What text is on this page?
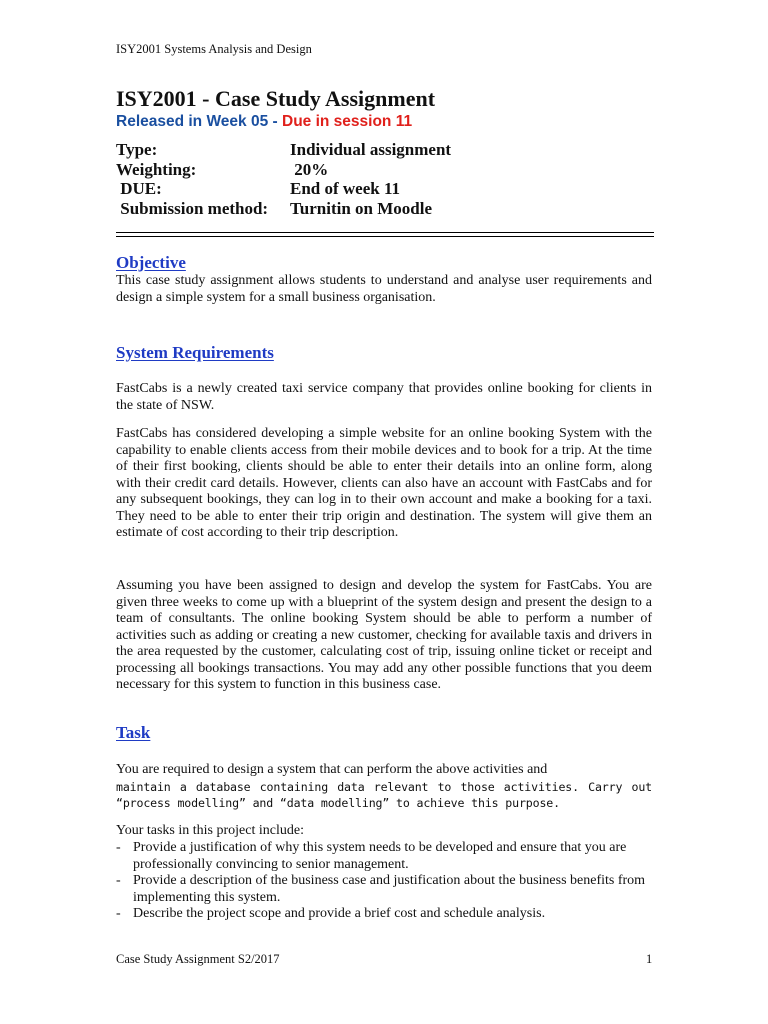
ISY2001 Systems Analysis and Design
ISY2001 - Case Study Assignment
Released in Week 05 - Due in session 11
Type:	Individual assignment
Weighting:	20%
DUE:	End of week 11
Submission method:	Turnitin on Moodle
Objective
This case study assignment allows students to understand and analyse user requirements and design a simple system for a small business organisation.
System Requirements
FastCabs is a newly created taxi service company that provides online booking for clients in the state of NSW.
FastCabs has considered developing a simple website for an online booking System with the capability to enable clients access from their mobile devices and to book for a trip. At the time of their first booking, clients should be able to enter their details into an online form, along with their credit card details. However, clients can also have an account with FastCabs and for any subsequent bookings, they can log in to their own account and make a booking for a taxi. They need to be able to enter their trip origin and destination. The system will give them an estimate of cost according to their trip description.
Assuming you have been assigned to design and develop the system for FastCabs. You are given three weeks to come up with a blueprint of the system design and present the design to a team of consultants. The online booking System should be able to perform a number of activities such as adding or creating a new customer, checking for available taxis and drivers in the area requested by the customer, calculating cost of trip, issuing online ticket or receipt and processing all bookings transactions. You may add any other possible functions that you deem necessary for this system to function in this business case.
Task
You are required to design a system that can perform the above activities and
maintain a database containing data relevant to those activities. Carry out “process modelling” and “data modelling” to achieve this purpose.
Your tasks in this project include:
- Provide a justification of why this system needs to be developed and ensure that you are professionally convincing to senior management.
- Provide a description of the business case and justification about the business benefits from implementing this system.
- Describe the project scope and provide a brief cost and schedule analysis.
Case Study Assignment S2/2017	1
